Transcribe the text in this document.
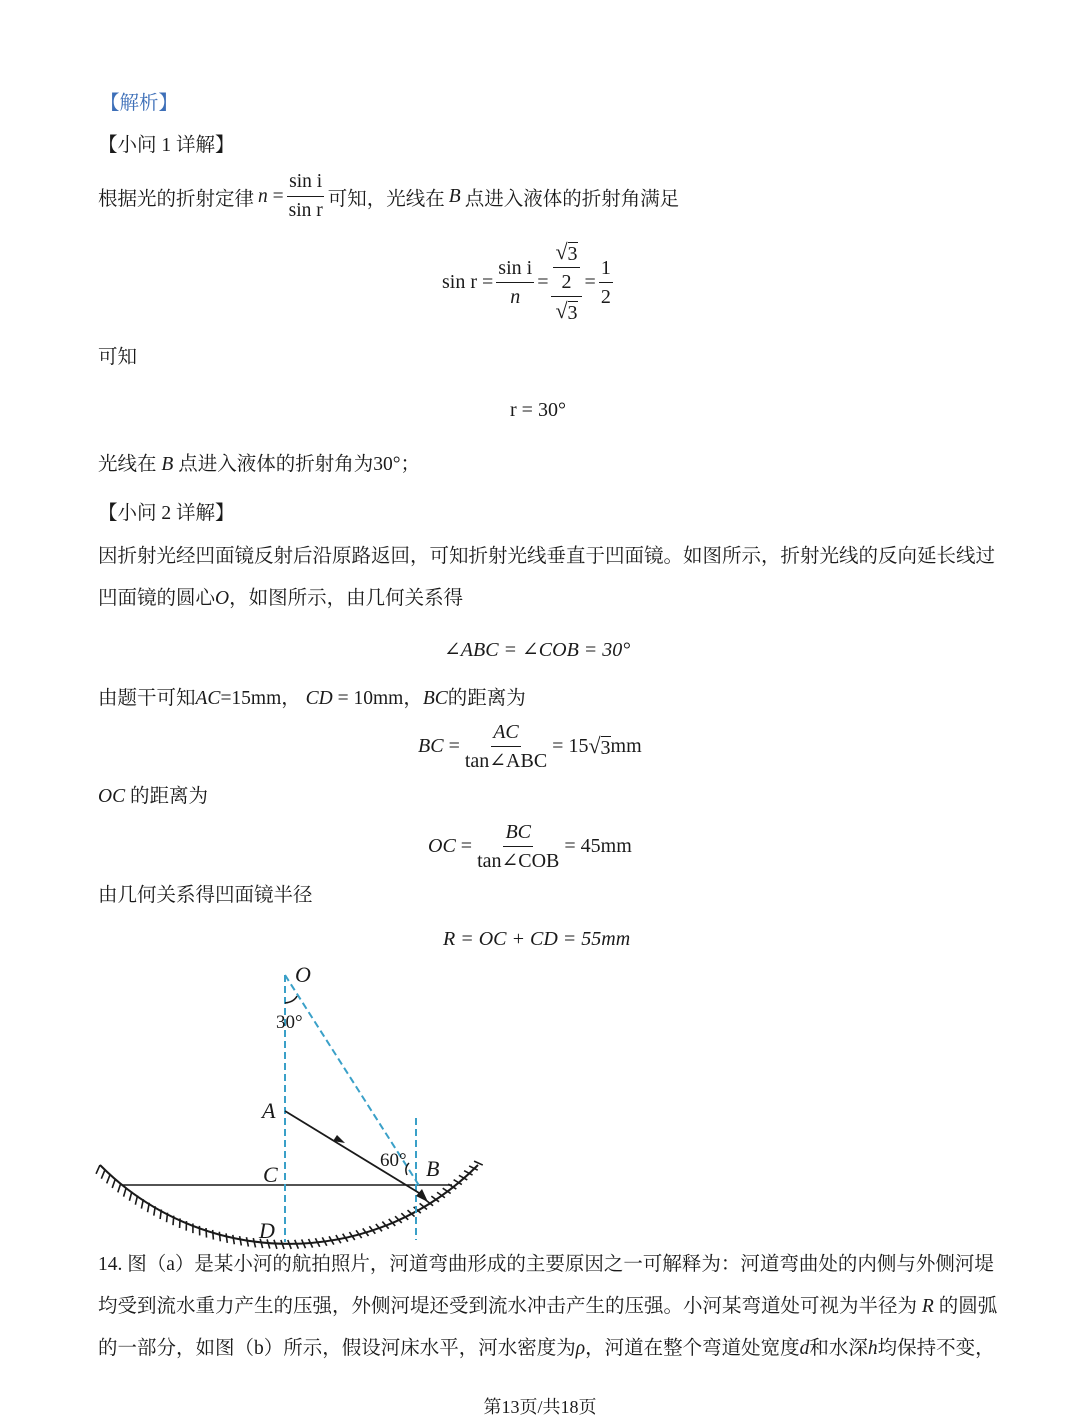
【解析】
【小问 1 详解】
根据光的折射定律 n
= $\frac{\text{sin i}}{\text{sin r}}$ 可知，光线在 B 点进入液体的折射角满足
$\sin r = \frac{\text{sin i}}{n} = \frac{\frac{√ 3}{2}}{√ 3} = \frac{1}{2}$
可知
r = 30°
光线在 B 点进入液体的折射角为30°；
【小问 2 详解】
因折射光经凹面镜反射后沿原路返回，可知折射光线垂直于凹面镜。如图所示，折射光线的反向延长线过
凹面镜的圆心O，如图所示，由几何关系得
∠ABC = ∠COB = 30°
由题干可知AC=15mm， CD = 10mm，BC的距离为
BC = $\frac{AC}{\text{tan∠ABC}} = 15$ √ 3 mm
OC 的距离为
OC = $\frac{BC}{\text{tan∠COB}} = 45mm$
由几何关系得凹面镜半径
R = OC + CD = 55mm
O
30°
A
60° B
C
D
14. 图（a）是某小河的航拍照片，河道弯曲形成的主要原因之一可解释为：河道弯曲处的内侧与外侧河堤
均受到流水重力产生的压强，外侧河堤还受到流水冲击产生的压强。小河某弯道处可视为半径为 R 的圆弧
的一部分，如图（b）所示，假设河床水平，河水密度为ρ，河道在整个弯道处宽度d和水深h均保持不变，
第13页/共18页
